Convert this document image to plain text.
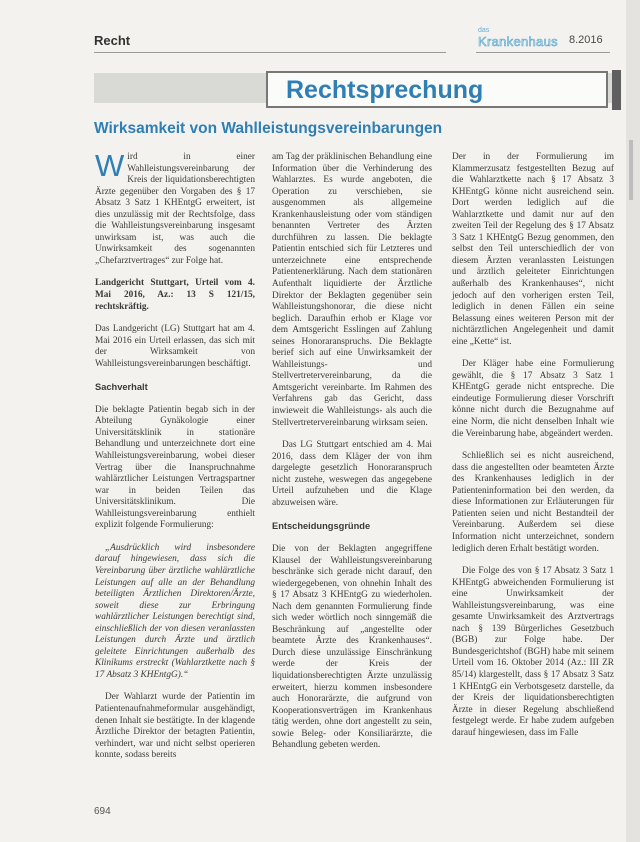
Recht
das
Krankenhaus 8.2016
Rechtsprechung
Wirksamkeit von Wahlleistungsvereinbarungen

Wird in einer Wahlleistungsvereinbarung der Kreis der liquidationsberechtigten Ärzte gegenüber den Vorgaben des § 17 Absatz 3 Satz 1 KHEntgG erweitert, ist dies unzulässig mit der Rechtsfolge, dass die Wahlleistungsvereinbarung insgesamt unwirksam ist, was auch die Unwirksamkeit des sogenannten „Chefarztvertrages“ zur Folge hat.

Landgericht Stuttgart, Urteil vom 4. Mai 2016, Az.: 13 S 121/15, rechtskräftig.

Das Landgericht (LG) Stuttgart hat am 4. Mai 2016 ein Urteil erlassen, das sich mit der Wirksamkeit von Wahlleistungsvereinbarungen beschäftigt.

Sachverhalt

Die beklagte Patientin begab sich in der Abteilung Gynäkologie einer Universitätsklinik in stationäre Behandlung und unterzeichnete dort eine Wahlleistungsvereinbarung, wobei dieser Vertrag über die Inanspruchnahme wahlärztlicher Leistungen Vertragspartner war in beiden Teilen das Universitätsklinikum. Die Wahlleistungsvereinbarung enthielt explizit folgende Formulierung:

„Ausdrücklich wird insbesondere darauf hingewiesen, dass sich die Vereinbarung über ärztliche wahlärztliche Leistungen auf alle an der Behandlung beteiligten Ärztlichen Direktoren/Ärzte, soweit diese zur Erbringung wahlärztlicher Leistungen berechtigt sind, einschließlich der von diesen veranlassten Leistungen durch Ärzte und ärztlich geleitete Einrichtungen außerhalb des Klinikums erstreckt (Wahlarztkette nach § 17 Absatz 3 KHEntgG).“

Der Wahlarzt wurde der Patientin im Patientenaufnahmeformular ausgehändigt, denen Inhalt sie bestätigte. In der klagende Ärztliche Direktor der betagten Patientin, verhindert, war und nicht selbst operieren konnte, sodass bereits

am Tag der präklinischen Behandlung eine Information über die Verhinderung des Wahlarztes. Es wurde angeboten, die Operation zu verschieben, sie ausgenommen als allgemeine Krankenhausleistung oder vom ständigen benannten Vertreter des Ärzten durchführen zu lassen. Die beklagte Patientin entschied sich für Letzteres und unterzeichnete eine entsprechende Patientenerklärung. Nach dem stationären Aufenthalt liquidierte der Ärztliche Direktor der Beklagten gegenüber sein Wahlleistungshonorar, die diese nicht beglich. Daraufhin erhob er Klage vor dem Amtsgericht Esslingen auf Zahlung seines Honoraranspruchs. Die Beklagte berief sich auf eine Unwirksamkeit der Wahlleistungs- und Stellvertretervereinbarung, da die Amtsgericht vereinbarte. Im Rahmen des Verfahrens gab das Gericht, dass inwieweit die Wahlleistungs- als auch die Stellvertretervereinbarung wirksam seien.

Das LG Stuttgart entschied am 4. Mai 2016, dass dem Kläger der von ihm dargelegte gesetzlich Honoraranspruch nicht zustehe, weswegen das angegebene Urteil aufzuheben und die Klage abzuweisen wäre.

Entscheidungsgründe

Die von der Beklagten angegriffene Klausel der Wahlleistungsvereinbarung beschränke sich gerade nicht darauf, den wiedergegebenen, von ohnehin Inhalt des § 17 Absatz 3 KHEntgG zu wiederholen. Nach dem genannten Formulierung finde sich weder wörtlich noch sinngemäß die Beschränkung auf „angestellte oder beamtete Ärzte des Krankenhauses“. Durch diese unzulässige Einschränkung werde der Kreis der liquidationsberechtigten Ärzte unzulässig erweitert, hierzu kommen insbesondere auch Honorarärzte, die aufgrund von Kooperationsverträgen im Krankenhaus tätig werden, ohne dort angestellt zu sein, sowie Beleg- oder Konsiliarärzte, die Behandlung gebeten werden.

Der in der Formulierung im Klammerzusatz festgestellten Bezug auf die Wahlarztkette nach § 17 Absatz 3 KHEntgG könne nicht ausreichend sein. Dort werden lediglich auf die Wahlarztkette und damit nur auf den zweiten Teil der Regelung des § 17 Absatz 3 Satz 1 KHEntgG Bezug genommen, den selbst den Teil unterschiedlich der von diesem Ärzten veranlassten Leistungen und ärztlich geleiteter Einrichtungen außerhalb des Krankenhauses“, nicht jedoch auf den vorherigen ersten Teil, lediglich in denen Fällen ein seine Belassung eines weiteren Person mit der nichtärztlichen Angelegenheit und damit eine „Kette“ ist.

Der Kläger habe eine Formulierung gewählt, die § 17 Absatz 3 Satz 1 KHEntgG gerade nicht entspreche. Die eindeutige Formulierung dieser Vorschrift könne nicht durch die Bezugnahme auf eine Norm, die nicht denselben Inhalt wie die Vereinbarung habe, abgeändert werden.

Schließlich sei es nicht ausreichend, dass die angestellten oder beamteten Ärzte des Krankenhauses lediglich in der Patienteninformation bei den werden, da diese Informationen zur Erläuterungen für Patienten seien und nicht Bestandteil der Vereinbarung. Außerdem sei diese Information nicht unterzeichnet, sondern lediglich deren Erhalt bestätigt worden.

Die Folge des von § 17 Absatz 3 Satz 1 KHEntgG abweichenden Formulierung ist eine Unwirksamkeit der Wahlleistungsvereinbarung, was eine gesamte Unwirksamkeit des Arztvertrags nach § 139 Bürgerliches Gesetzbuch (BGB) zur Folge habe. Der Bundesgerichtshof (BGH) habe mit seinem Urteil vom 16. Oktober 2014 (Az.: III ZR 85/14) klargestellt, dass § 17 Absatz 3 Satz 1 KHEntgG ein Verbotsgesetz darstelle, da der Kreis der liquidationsberechtigten Ärzte in dieser Regelung abschließend festgelegt werde. Er habe zudem aufgeben darauf hingewiesen, dass im Falle

694
